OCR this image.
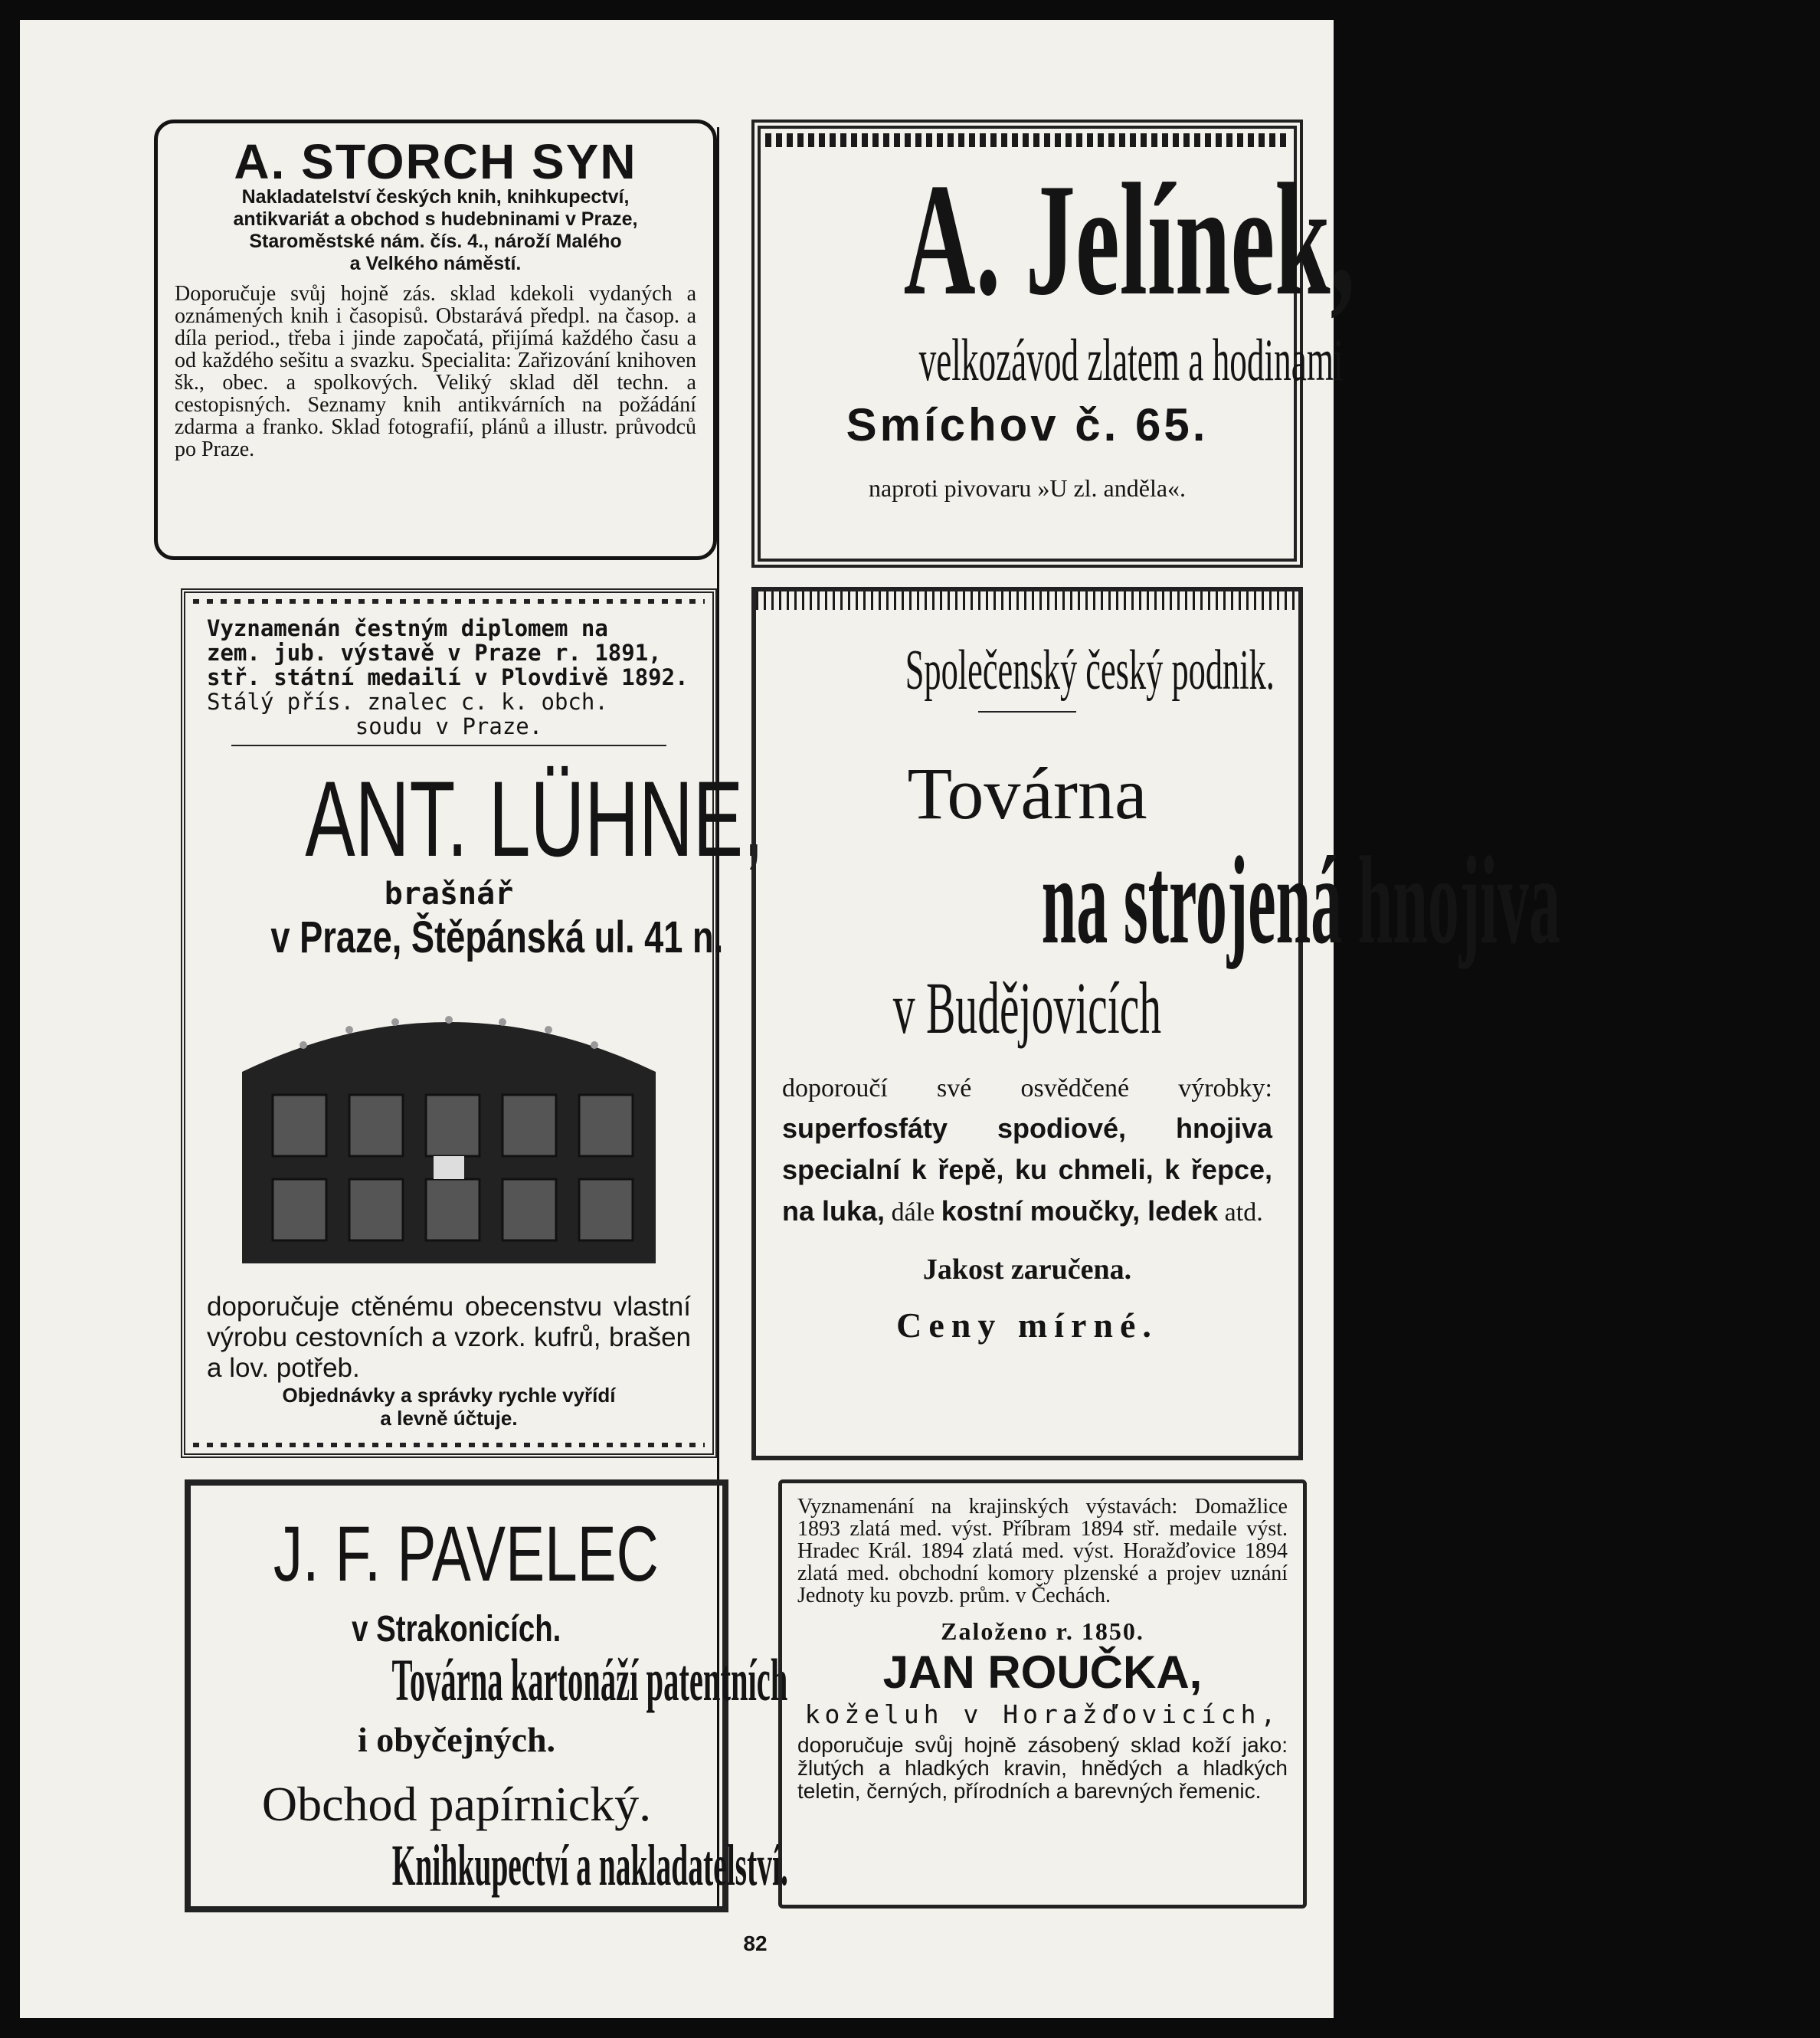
A. STORCH SYN
Nakladatelství českých knih, knihkupectví,
antikvariát a obchod s hudebninami v Praze,
Staroměstské nám. čís. 4., nároží Malého
a Velkého náměstí.
Doporučuje svůj hojně zás. sklad kdekoli vydaných a oznámených knih i časopisů. Obstarává předpl. na časop. a díla period., třeba i jinde započatá, přijímá každého času a od každého sešitu a svazku. Specialita: Zařizování knihoven šk., obec. a spolkových. Veliký sklad děl techn. a cestopisných. Seznamy knih antikvárních na požádání zdarma a franko. Sklad fotografií, plánů a illustr. průvodců po Praze.
A. Jelínek,
velkozávod zlatem a hodinami
Smíchov č. 65.
naproti pivovaru »U zl. anděla«.
Vyznamenán čestným diplomem na
zem. jub. výstavě v Praze r. 1891,
stř. státní medailí v Plovdivě 1892.
Stálý přís. znalec c. k. obch.
soudu v Praze.
ANT. LÜHNE,
brašnář
v Praze, Štěpánská ul. 41 n.
doporučuje ctěnému obecenstvu vlastní výrobu cestovních a vzork. kufrů, brašen a lov. potřeb.
Objednávky a správky rychle vyřídí
a levně účtuje.
Společenský český podnik.
Továrna
na strojená hnojiva
v Budějovicích
doporoučí své osvědčené výrobky: superfosfáty spodiové, hnojiva specialní k řepě, ku chmeli, k řepce, na luka, dále kostní moučky, ledek atd.
Jakost zaručena.
Ceny mírné.
J. F. PAVELEC
v Strakonicích.
Továrna kartonáží patentních
i obyčejných.
Obchod papírnický.
Knihkupectví a nakladatelství.
Vyznamenání na krajinských výstavách: Domažlice 1893 zlatá med. výst. Příbram 1894 stř. medaile výst. Hradec Král. 1894 zlatá med. výst. Horažďovice 1894 zlatá med. obchodní komory plzenské a projev uznání Jednoty ku povzb. prům. v Čechách.
Založeno r. 1850.
JAN ROUČKA,
koželuh v Horažďovicích,
doporučuje svůj hojně zásobený sklad koží jako: žlutých a hladkých kravin, hnědých a hladkých teletin, černých, přírodních a barevných řemenic.
82
